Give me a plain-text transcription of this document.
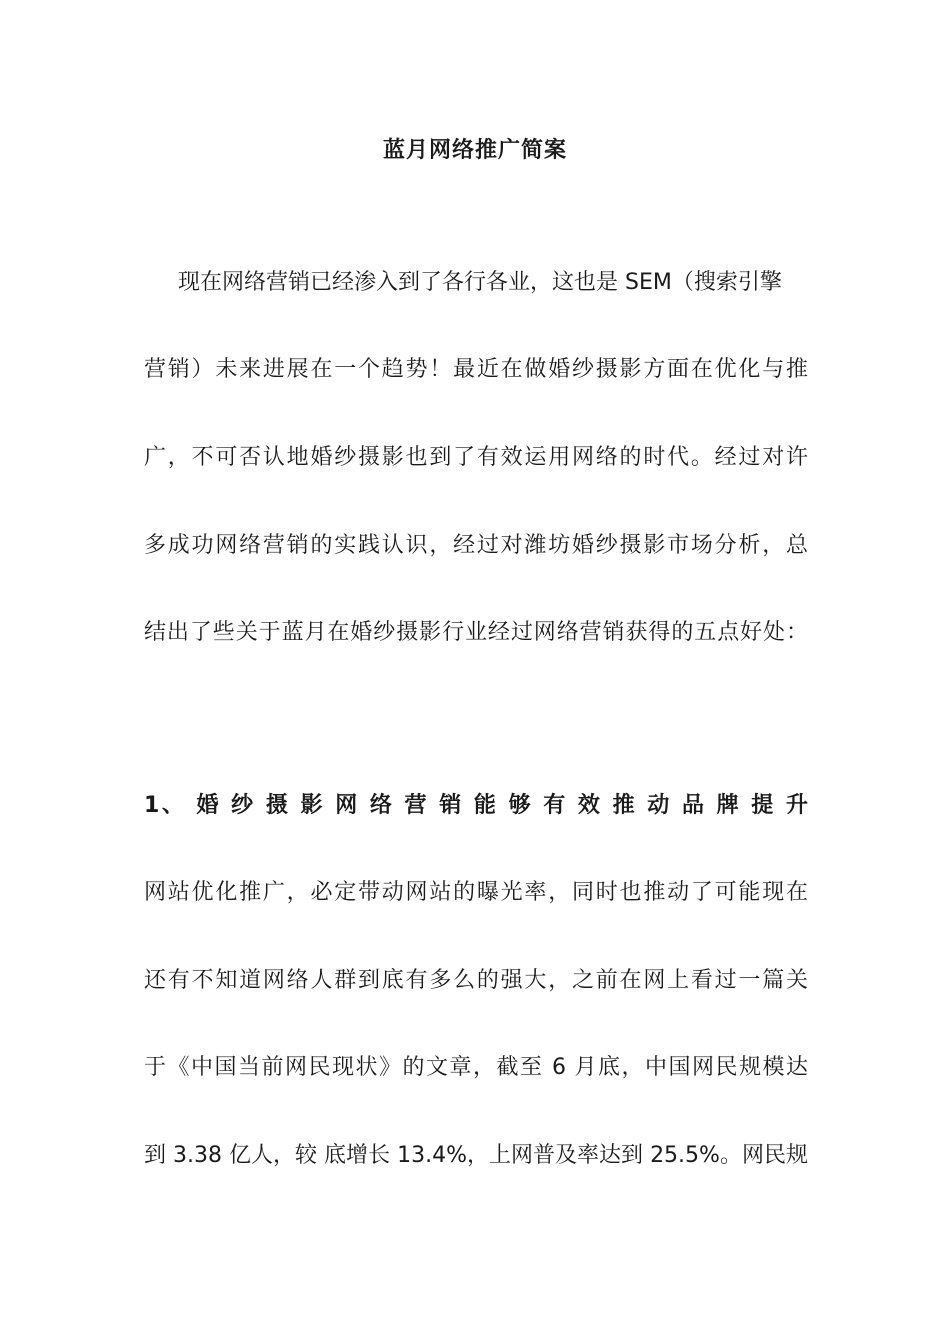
蓝月网络推广简案
现在网络营销已经渗入到了各行各业，这也是 SEM（搜索引擎
营销）未来进展在一个趋势！最近在做婚纱摄影方面在优化与推
广，不可否认地婚纱摄影也到了有效运用网络的时代。经过对许
多成功网络营销的实践认识，经过对潍坊婚纱摄影市场分析，总
结出了些关于蓝月在婚纱摄影行业经过网络营销获得的五点好处：
1、 婚 纱 摄 影 网 络 营 销 能 够 有 效 推 动 品 牌 提 升
网站优化推广，必定带动网站的曝光率，同时也推动了可能现在
还有不知道网络人群到底有多么的强大，之前在网上看过一篇关
于《中国当前网民现状》的文章，截至 6 月底，中国网民规模达
到 3.38 亿人，较 底增长 13.4%，上网普及率达到 25.5%。网民规
